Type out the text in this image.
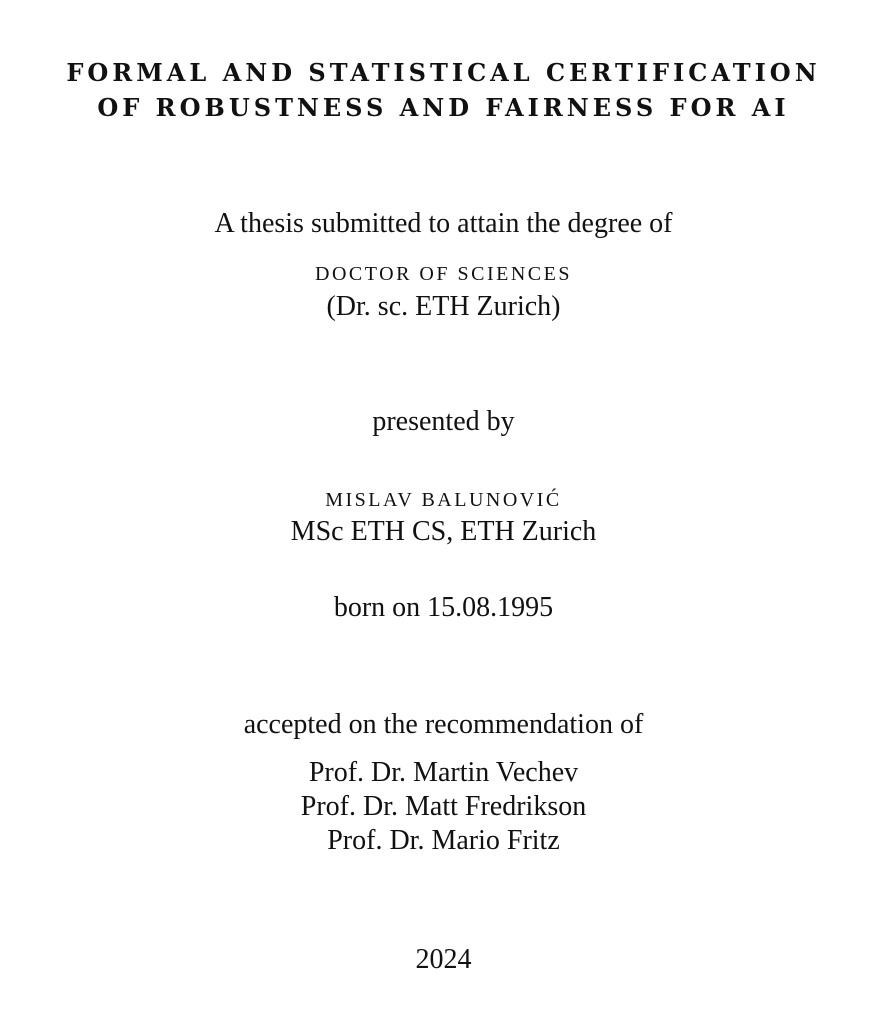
FORMAL AND STATISTICAL CERTIFICATION
OF ROBUSTNESS AND FAIRNESS FOR AI
A thesis submitted to attain the degree of
DOCTOR OF SCIENCES
(Dr. sc. ETH Zurich)
presented by
MISLAV BALUNOVIĆ
MSc ETH CS, ETH Zurich
born on 15.08.1995
accepted on the recommendation of
Prof. Dr. Martin Vechev
Prof. Dr. Matt Fredrikson
Prof. Dr. Mario Fritz
2024
